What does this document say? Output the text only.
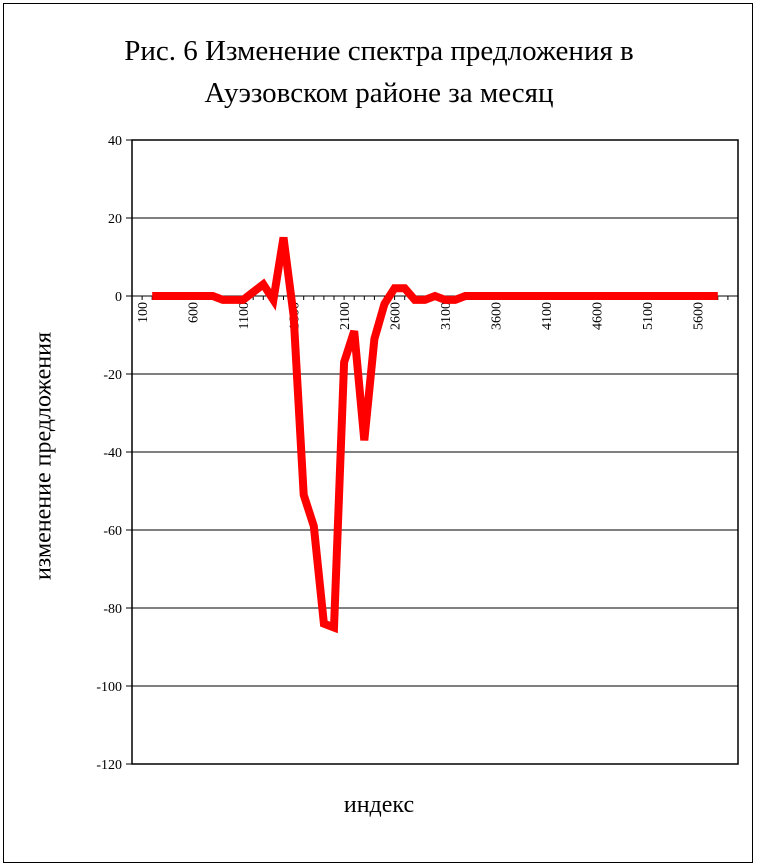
Рис. 6 Изменение спектра предложения в
Ауэзовском районе за месяц
изменение предложения
индекс
40
20
0
-20
-40
-60
-80
-100
-120
100	600	1100	1600	2100	2600	3100	3600	4100	4600	5100	5600
